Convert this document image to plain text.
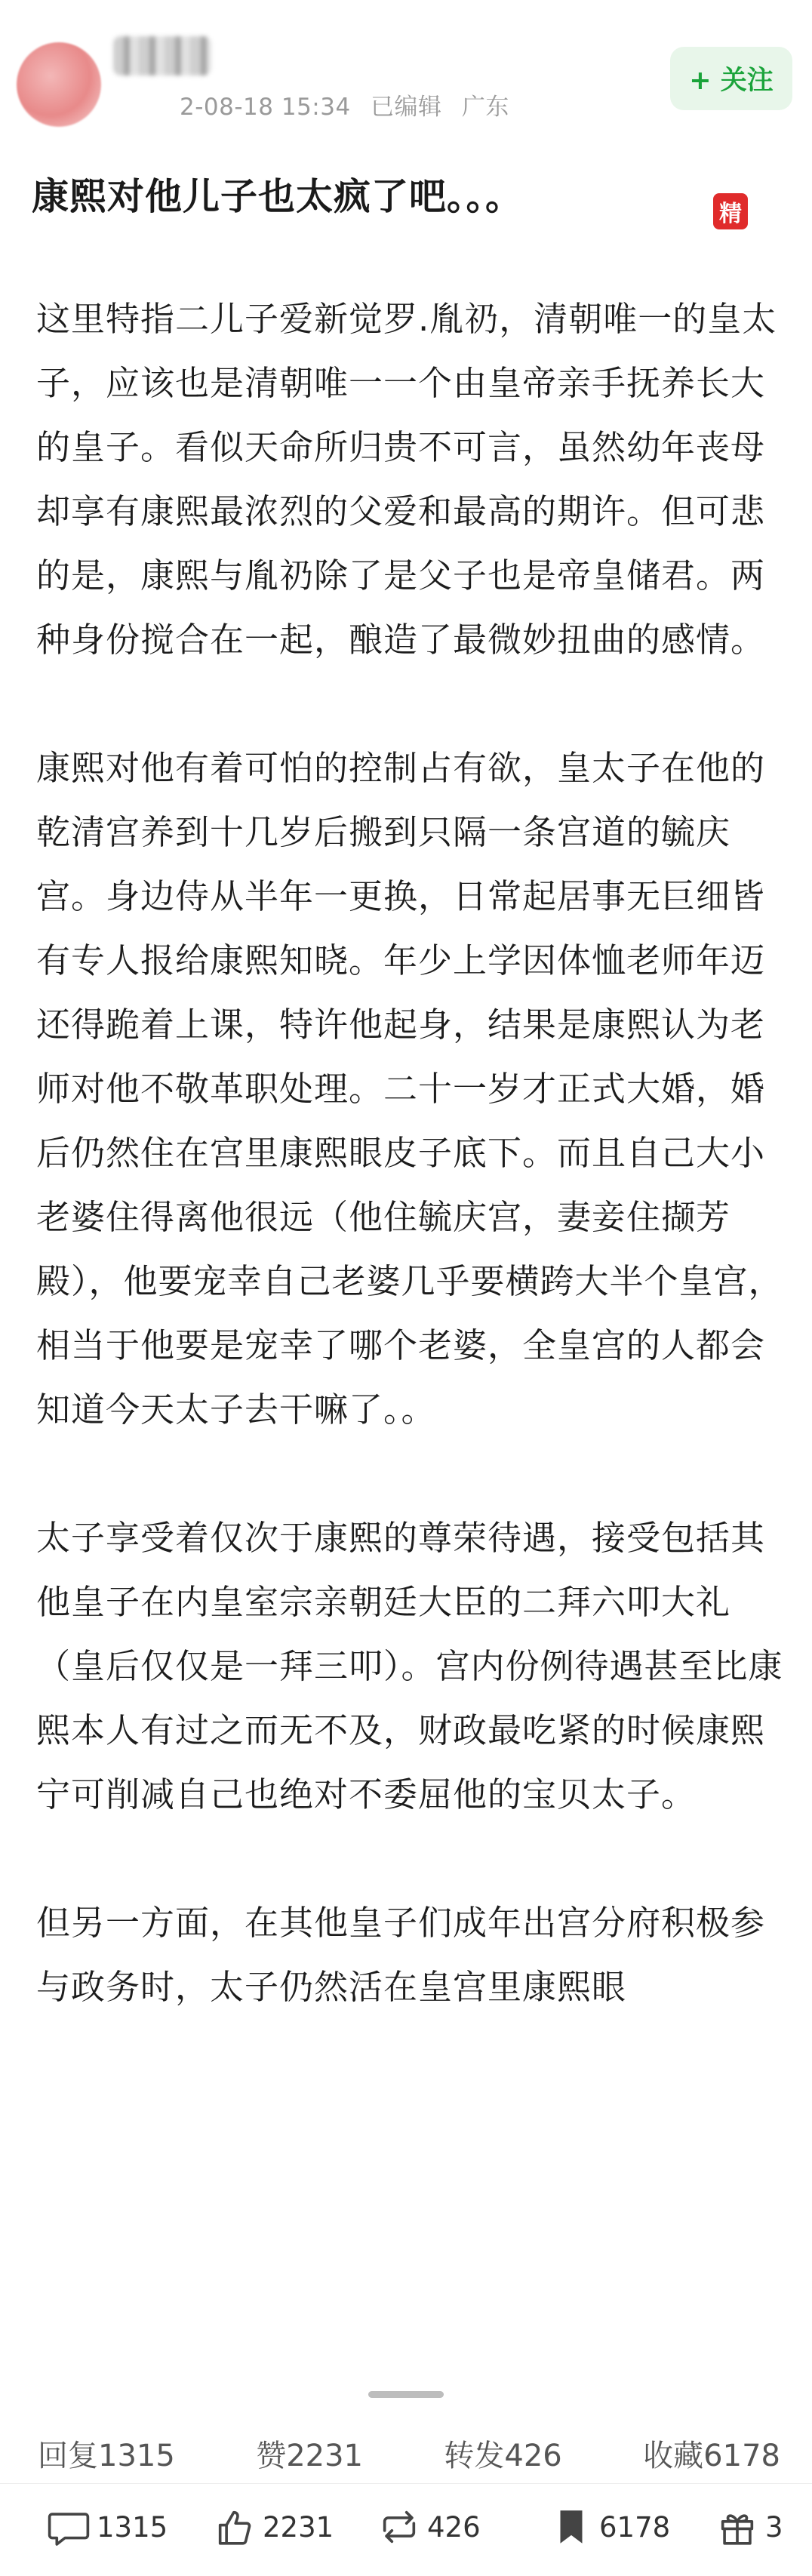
2-08-18 15:34 已编辑 广东
+ 关注
康熙对他儿子也太疯了吧。。。	精

这里特指二儿子爱新觉罗.胤礽，清朝唯一的皇太子，应该也是清朝唯一一个由皇帝亲手抚养长大的皇子。看似天命所归贵不可言，虽然幼年丧母却享有康熙最浓烈的父爱和最高的期许。但可悲的是，康熙与胤礽除了是父子也是帝皇储君。两种身份搅合在一起，酿造了最微妙扭曲的感情。

康熙对他有着可怕的控制占有欲，皇太子在他的乾清宫养到十几岁后搬到只隔一条宫道的毓庆宫。身边侍从半年一更换，日常起居事无巨细皆有专人报给康熙知晓。年少上学因体恤老师年迈还得跪着上课，特许他起身，结果是康熙认为老师对他不敬革职处理。二十一岁才正式大婚，婚后仍然住在宫里康熙眼皮子底下。而且自己大小老婆住得离他很远（他住毓庆宫，妻妾住撷芳殿），他要宠幸自己老婆几乎要横跨大半个皇宫，相当于他要是宠幸了哪个老婆，全皇宫的人都会知道今天太子去干嘛了。。

太子享受着仅次于康熙的尊荣待遇，接受包括其他皇子在内皇室宗亲朝廷大臣的二拜六叩大礼（皇后仅仅是一拜三叩）。宫内份例待遇甚至比康熙本人有过之而无不及，财政最吃紧的时候康熙宁可削减自己也绝对不委屈他的宝贝太子。

但另一方面，在其他皇子们成年出宫分府积极参与政务时，太子仍然活在皇宫里康熙眼

回复1315	赞2231	转发426	收藏6178
1315	2231	426	6178	3
